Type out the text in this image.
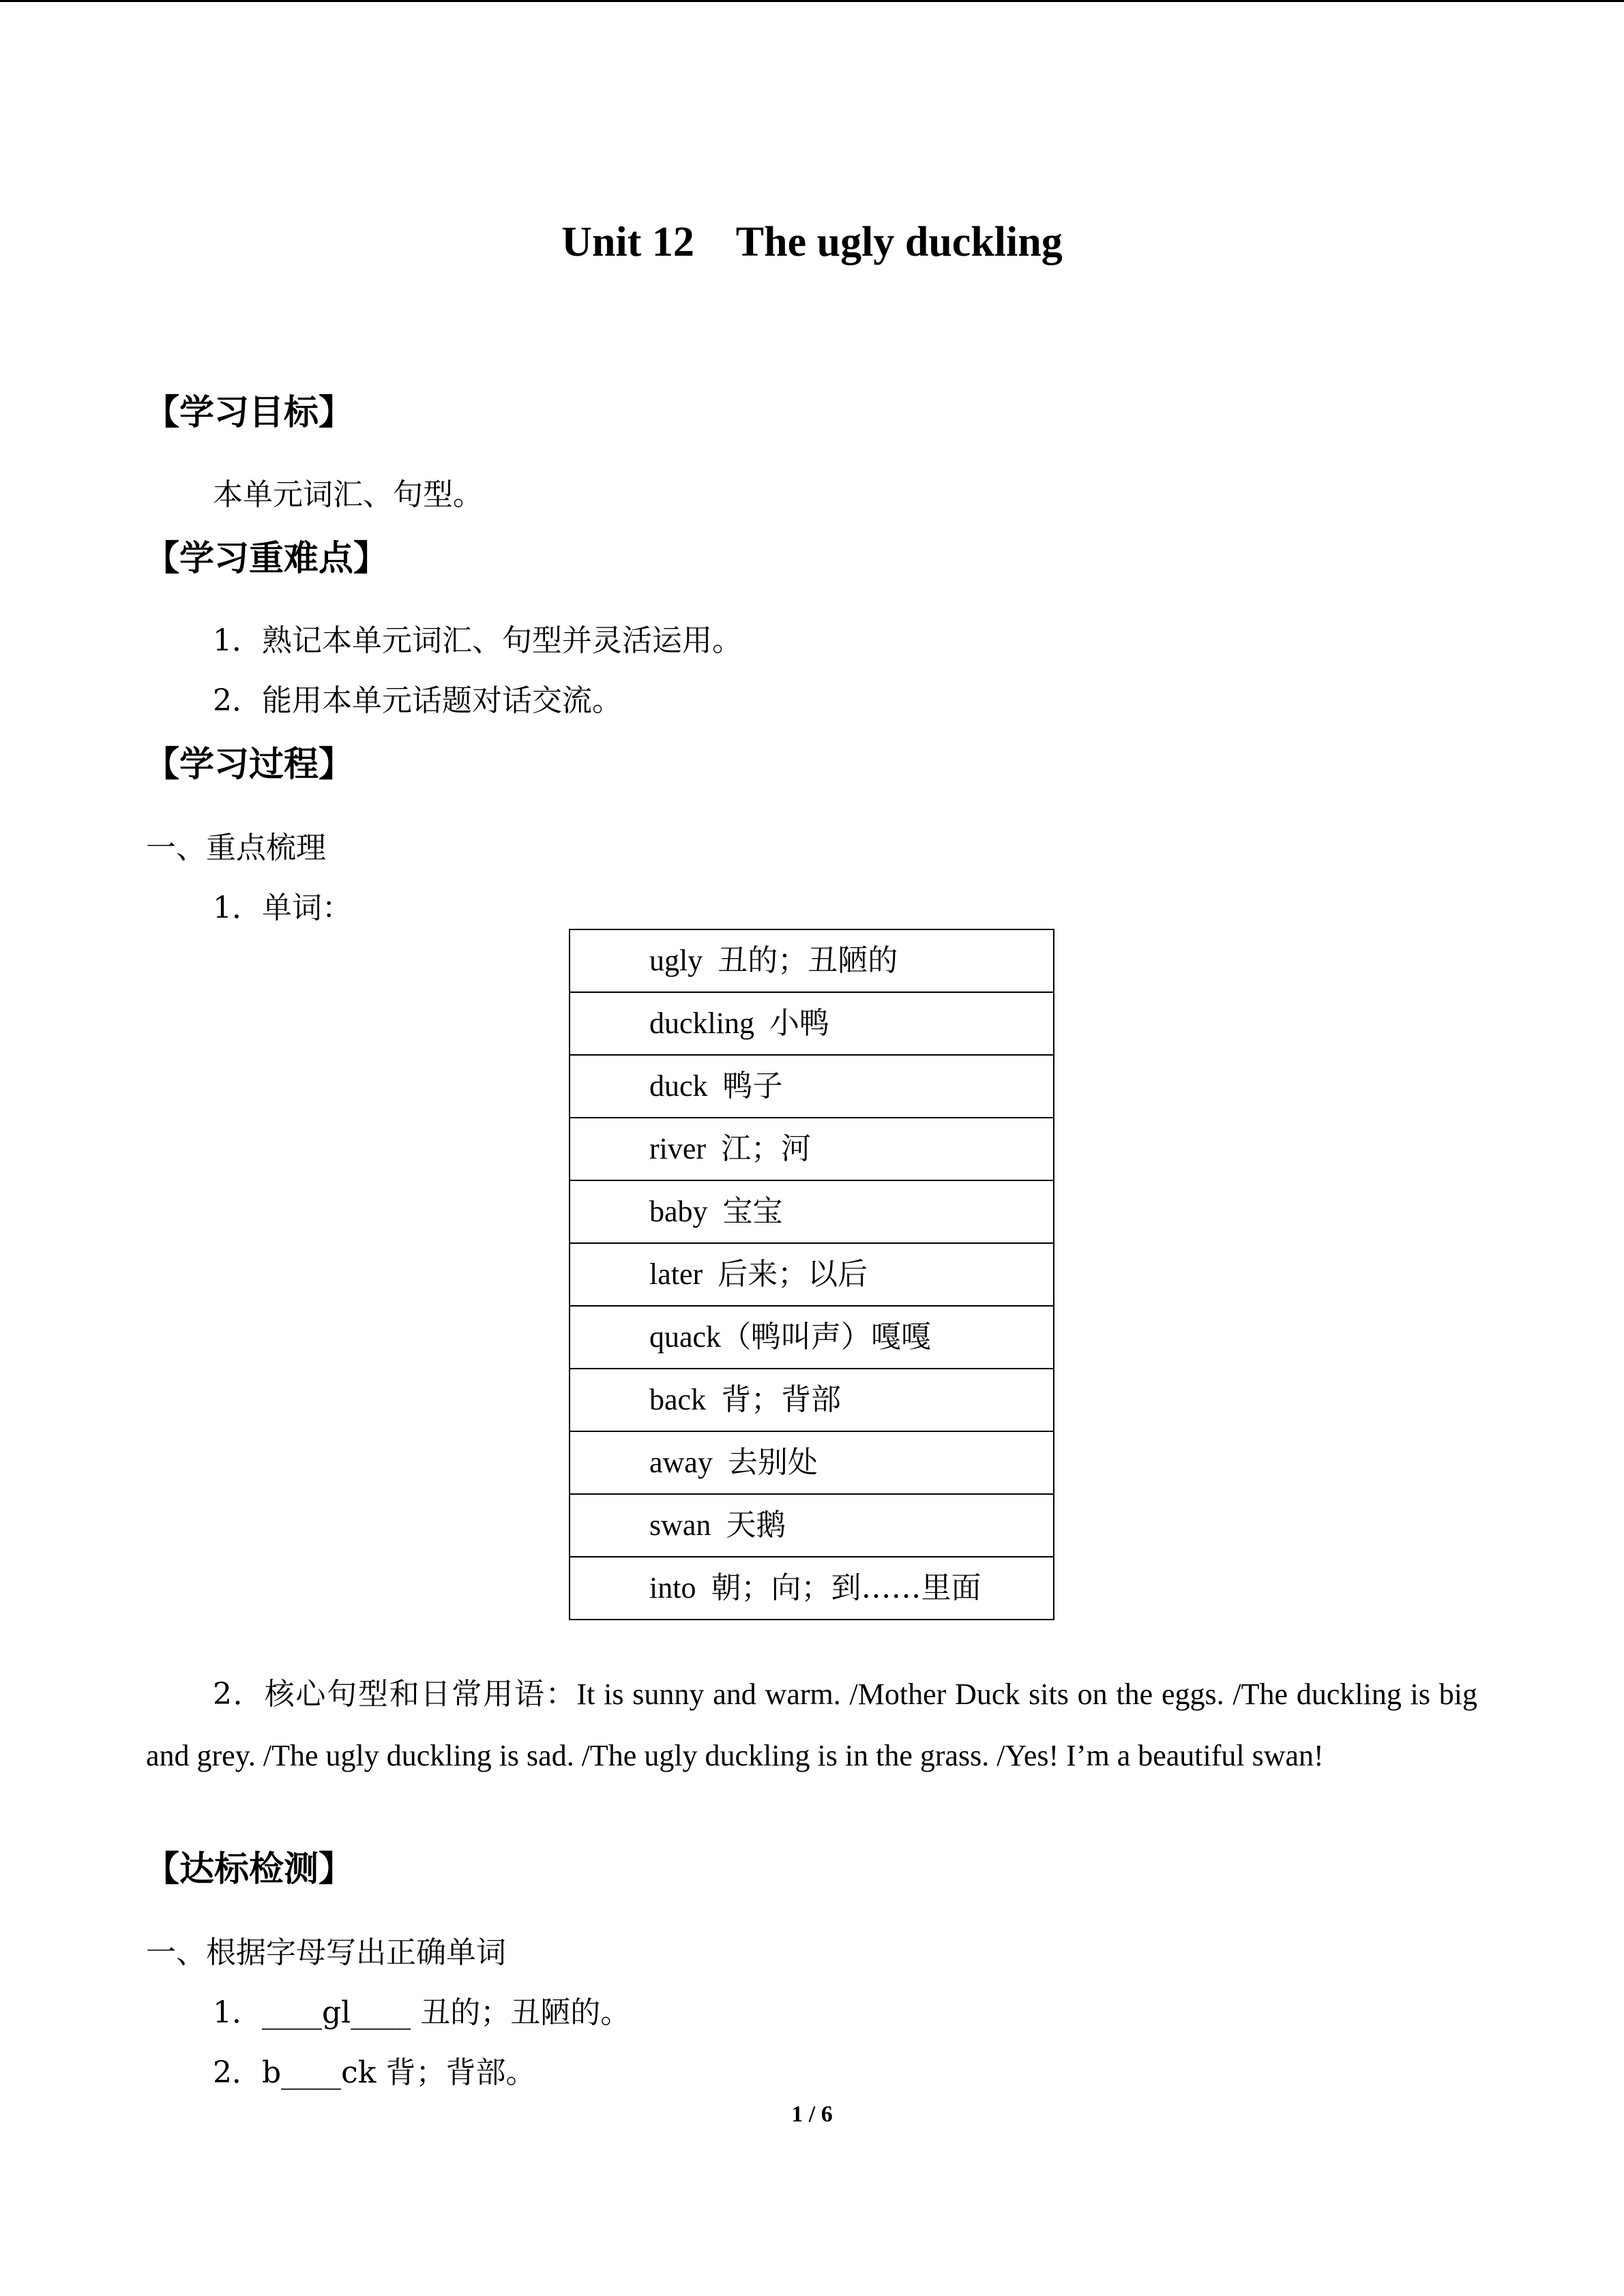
Unit 12    The ugly duckling
【学习目标】
本单元词汇、句型。
【学习重难点】
1．熟记本单元词汇、句型并灵活运用。
2．能用本单元话题对话交流。
【学习过程】
一、重点梳理
1．单词：
ugly 丑的；丑陋的
duckling 小鸭
duck 鸭子
river 江；河
baby 宝宝
later 后来；以后
quack（鸭叫声）嘎嘎
back 背；背部
away 去别处
swan 天鹅
into 朝；向；到……里面
2．核心句型和日常用语：It is sunny and warm. /Mother Duck sits on the eggs. /The duckling is big and grey. /The ugly duckling is sad. /The ugly duckling is in the grass. /Yes! I’m a beautiful swan!
【达标检测】
一、根据字母写出正确单词
1．____gl____ 丑的；丑陋的。
2．b____ck 背；背部。
1 / 6
